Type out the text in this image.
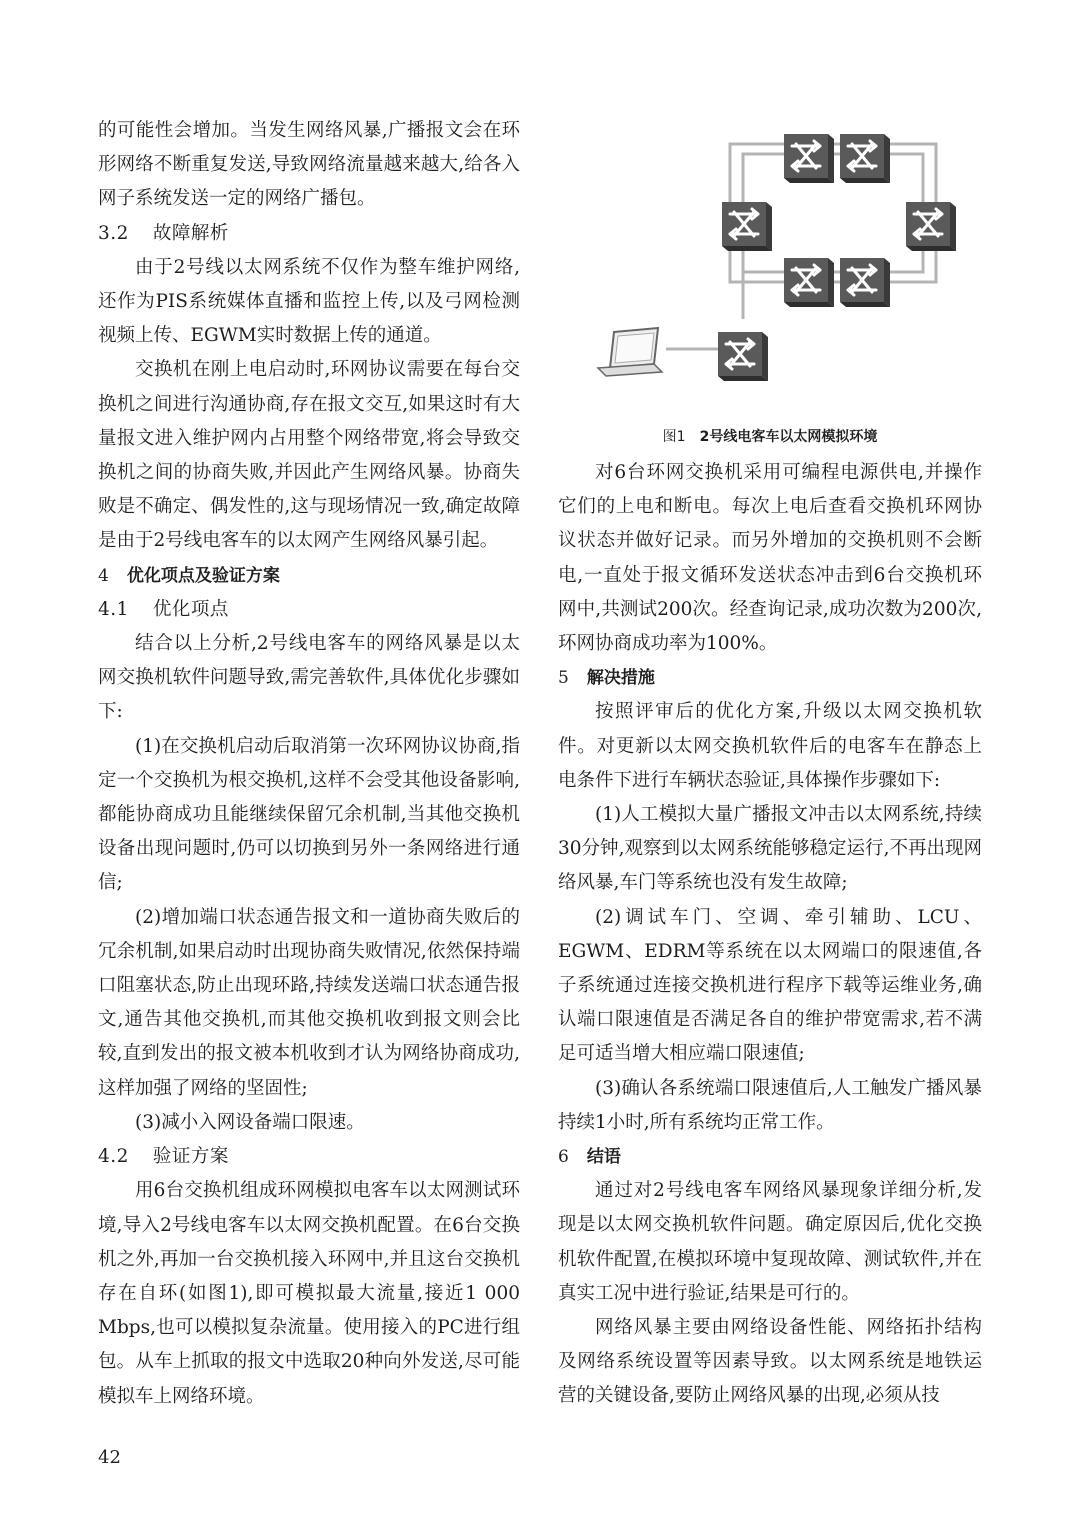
的可能性会增加。当发生网络风暴,广播报文会在环形网络不断重复发送,导致网络流量越来越大,给各入网子系统发送一定的网络广播包。

3.2 故障解析

由于2号线以太网系统不仅作为整车维护网络,还作为PIS系统媒体直播和监控上传,以及弓网检测视频上传、EGWM实时数据上传的通道。

交换机在刚上电启动时,环网协议需要在每台交换机之间进行沟通协商,存在报文交互,如果这时有大量报文进入维护网内占用整个网络带宽,将会导致交换机之间的协商失败,并因此产生网络风暴。协商失败是不确定、偶发性的,这与现场情况一致,确定故障是由于2号线电客车的以太网产生网络风暴引起。

4 优化项点及验证方案

4.1 优化项点

结合以上分析,2号线电客车的网络风暴是以太网交换机软件问题导致,需完善软件,具体优化步骤如下:

(1)在交换机启动后取消第一次环网协议协商,指定一个交换机为根交换机,这样不会受其他设备影响,都能协商成功且能继续保留冗余机制,当其他交换机设备出现问题时,仍可以切换到另外一条网络进行通信;

(2)增加端口状态通告报文和一道协商失败后的冗余机制,如果启动时出现协商失败情况,依然保持端口阻塞状态,防止出现环路,持续发送端口状态通告报文,通告其他交换机,而其他交换机收到报文则会比较,直到发出的报文被本机收到才认为网络协商成功,这样加强了网络的坚固性;

(3)减小入网设备端口限速。

4.2 验证方案

用6台交换机组成环网模拟电客车以太网测试环境,导入2号线电客车以太网交换机配置。在6台交换机之外,再加一台交换机接入环网中,并且这台交换机存在自环(如图1),即可模拟最大流量,接近1 000 Mbps,也可以模拟复杂流量。使用接入的PC进行组包。从车上抓取的报文中选取20种向外发送,尽可能模拟车上网络环境。

图1 2号线电客车以太网模拟环境

对6台环网交换机采用可编程电源供电,并操作它们的上电和断电。每次上电后查看交换机环网协议状态并做好记录。而另外增加的交换机则不会断电,一直处于报文循环发送状态冲击到6台交换机环网中,共测试200次。经查询记录,成功次数为200次,环网协商成功率为100%。

5 解决措施

按照评审后的优化方案,升级以太网交换机软件。对更新以太网交换机软件后的电客车在静态上电条件下进行车辆状态验证,具体操作步骤如下:

(1)人工模拟大量广播报文冲击以太网系统,持续30分钟,观察到以太网系统能够稳定运行,不再出现网络风暴,车门等系统也没有发生故障;

(2)调试车门、空调、牵引辅助、LCU、EGWM、EDRM等系统在以太网端口的限速值,各子系统通过连接交换机进行程序下载等运维业务,确认端口限速值是否满足各自的维护带宽需求,若不满足可适当增大相应端口限速值;

(3)确认各系统端口限速值后,人工触发广播风暴持续1小时,所有系统均正常工作。

6 结语

通过对2号线电客车网络风暴现象详细分析,发现是以太网交换机软件问题。确定原因后,优化交换机软件配置,在模拟环境中复现故障、测试软件,并在真实工况中进行验证,结果是可行的。

网络风暴主要由网络设备性能、网络拓扑结构及网络系统设置等因素导致。以太网系统是地铁运营的关键设备,要防止网络风暴的出现,必须从技

42
